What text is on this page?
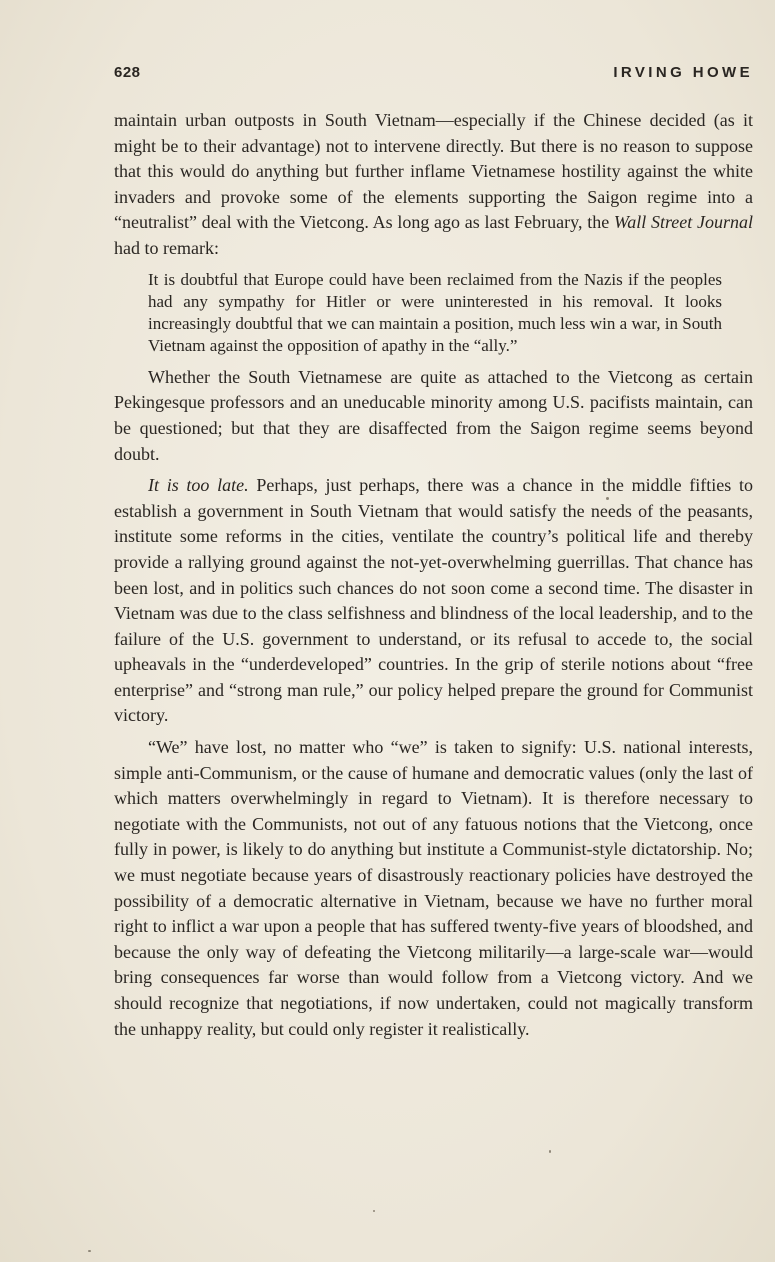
628	IRVING HOWE

maintain urban outposts in South Vietnam—especially if the Chinese decided (as it might be to their advantage) not to intervene directly. But there is no reason to suppose that this would do anything but further inflame Vietnamese hostility against the white invaders and provoke some of the elements supporting the Saigon regime into a “neutralist” deal with the Vietcong. As long ago as last February, the Wall Street Journal had to remark:

It is doubtful that Europe could have been reclaimed from the Nazis if the peoples had any sympathy for Hitler or were uninterested in his removal. It looks increasingly doubtful that we can maintain a position, much less win a war, in South Vietnam against the opposition of apathy in the “ally.”

Whether the South Vietnamese are quite as attached to the Vietcong as certain Pekingesque professors and an uneducable minority among U.S. pacifists maintain, can be questioned; but that they are disaffected from the Saigon regime seems beyond doubt.

It is too late. Perhaps, just perhaps, there was a chance in the middle fifties to establish a government in South Vietnam that would satisfy the needs of the peasants, institute some reforms in the cities, ventilate the country’s political life and thereby provide a rallying ground against the not-yet-overwhelming guerrillas. That chance has been lost, and in politics such chances do not soon come a second time. The disaster in Vietnam was due to the class selfishness and blindness of the local leadership, and to the failure of the U.S. government to understand, or its refusal to accede to, the social upheavals in the “underdeveloped” countries. In the grip of sterile notions about “free enterprise” and “strong man rule,” our policy helped prepare the ground for Communist victory.

“We” have lost, no matter who “we” is taken to signify: U.S. national interests, simple anti-Communism, or the cause of humane and democratic values (only the last of which matters overwhelmingly in regard to Vietnam). It is therefore necessary to negotiate with the Communists, not out of any fatuous notions that the Vietcong, once fully in power, is likely to do anything but institute a Communist-style dictatorship. No; we must negotiate because years of disastrously reactionary policies have destroyed the possibility of a democratic alternative in Vietnam, because we have no further moral right to inflict a war upon a people that has suffered twenty-five years of bloodshed, and because the only way of defeating the Vietcong militarily—a large-scale war—would bring consequences far worse than would follow from a Vietcong victory. And we should recognize that negotiations, if now undertaken, could not magically transform the unhappy reality, but could only register it realistically.
